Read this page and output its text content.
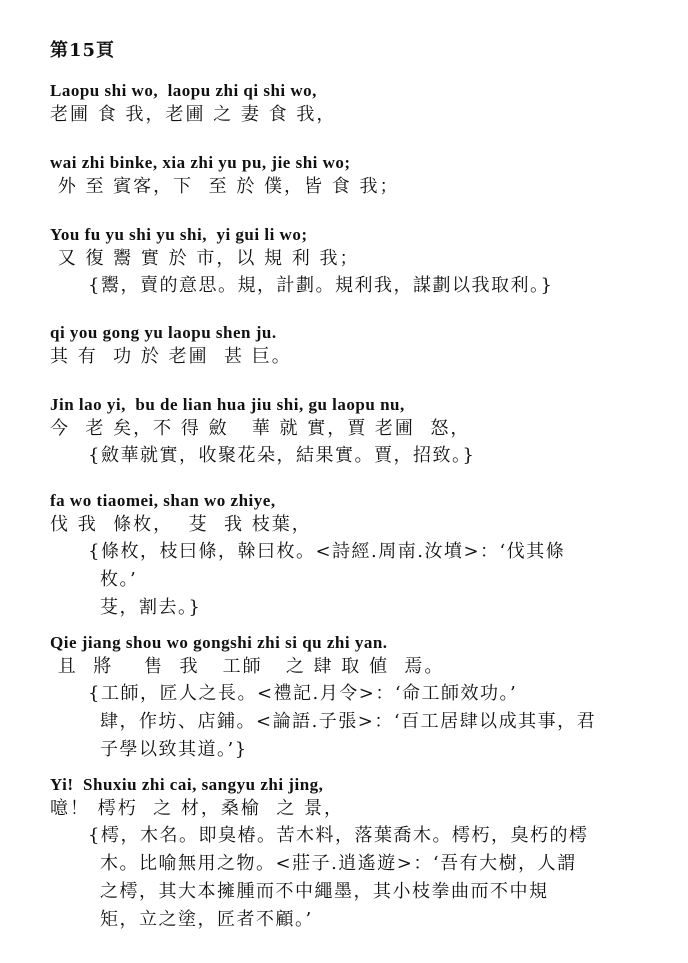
第15頁
Laopu shi wo,  laopu zhi qi shi wo,
老圃 食 我，老圃 之 妻 食 我，
wai zhi binke, xia zhi yu pu, jie shi wo;
外 至 賓客，下  至 於 僕，皆 食 我；
You fu yu shi yu shi,  yi gui li wo;
又 復 鬻 實 於 市，以 規 利 我；
{鬻，賣的意思。規，計劃。規利我，謀劃以我取利。}
qi you gong yu laopu shen ju.
其 有  功 於 老圃  甚 巨。
Jin lao yi,  bu de lian hua jiu shi, gu laopu nu,
今  老 矣，不 得 斂   華 就 實，賈 老圃  怒，
{斂華就實，收聚花朵，結果實。賈，招致。}
fa wo tiaomei, shan wo zhiye,
伐 我  條枚，  芟  我 枝葉，
{條枚，枝曰條，榦曰枚。<詩經.周南.汝墳>：‘伐其條
枚。’
芟，割去。}
Qie jiang shou wo gongshi zhi si qu zhi yan.
且  將    售  我   工師   之 肆 取 値  焉。
{工師，匠人之長。<禮記.月令>：‘命工師效功。’
肆，作坊、店鋪。<論語.子張>：‘百工居肆以成其事，君
子學以致其道。’}
Yi!  Shuxiu zhi cai, sangyu zhi jing,
噫！ 樗朽  之 材，桑榆  之 景，
{樗，木名。即臭椿。苦木料，落葉喬木。樗朽，臭朽的樗
木。比喻無用之物。<莊子.逍遙遊>：‘吾有大樹，人謂
之樗，其大本擁腫而不中繩墨，其小枝拳曲而不中規
矩，立之塗，匠者不顧。’
